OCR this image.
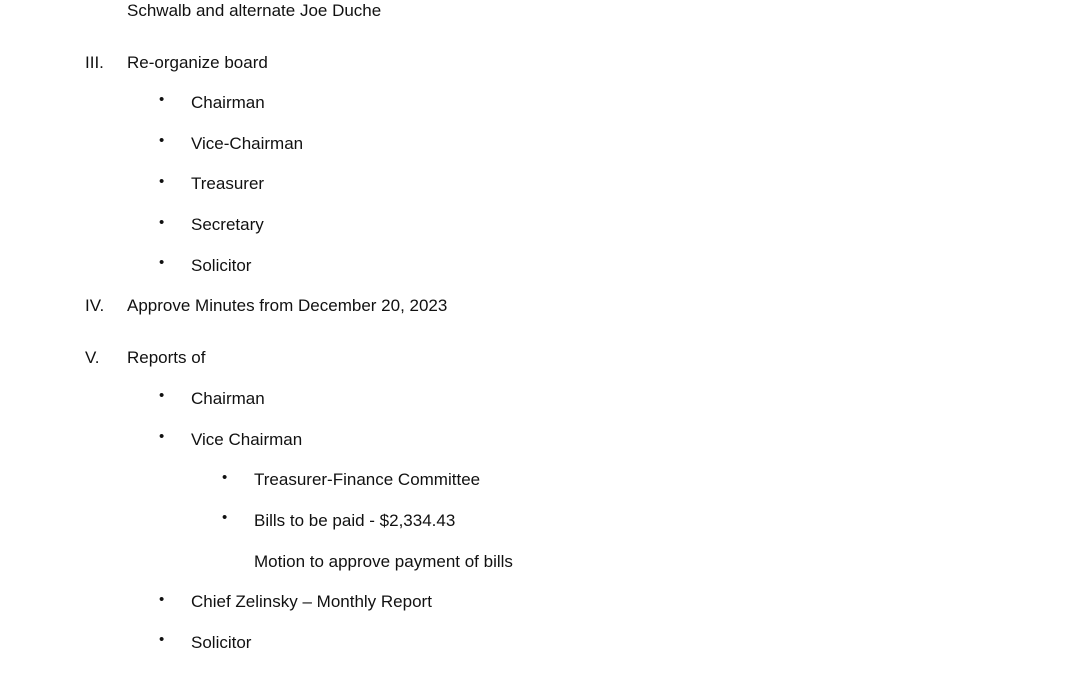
Schwalb and alternate Joe Duche
III. Re-organize board
• Chairman
• Vice-Chairman
• Treasurer
• Secretary
• Solicitor
IV. Approve Minutes from December 20, 2023
V. Reports of
• Chairman
• Vice Chairman
• Treasurer-Finance Committee
• Bills to be paid - $2,334.43
Motion to approve payment of bills
• Chief Zelinsky – Monthly Report
• Solicitor
